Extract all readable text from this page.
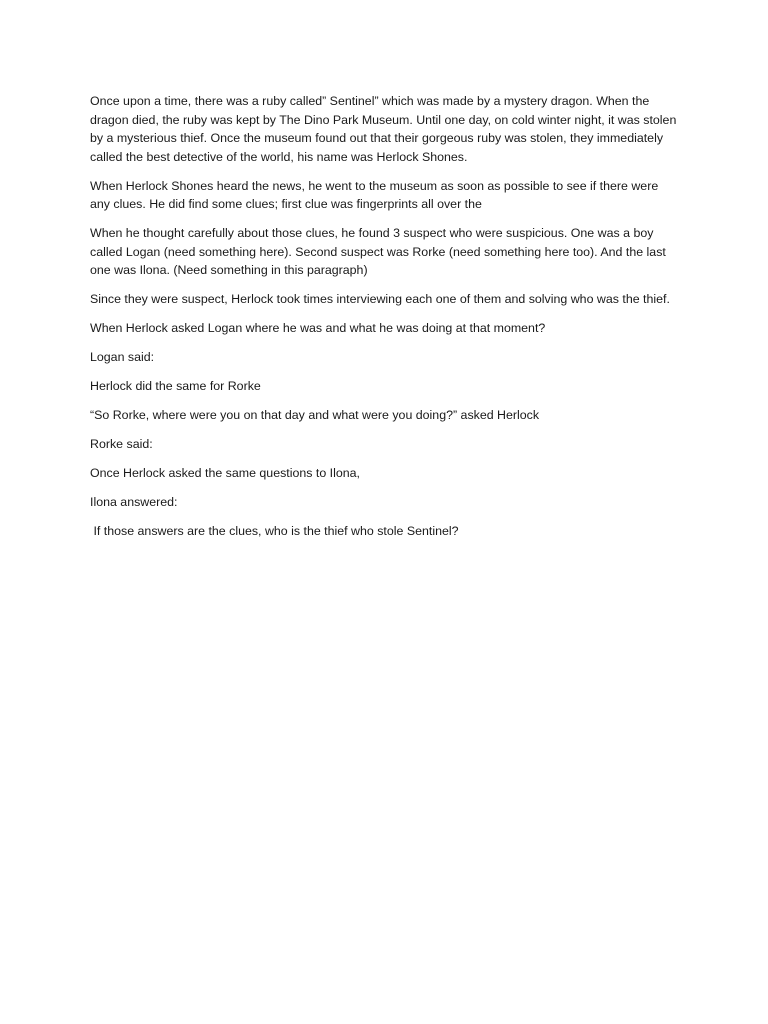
Once upon a time, there was a ruby called” Sentinel” which was made by a mystery dragon. When the dragon died, the ruby was kept by The Dino Park Museum. Until one day, on cold winter night, it was stolen by a mysterious thief. Once the museum found out that their gorgeous ruby was stolen, they immediately called the best detective of the world, his name was Herlock Shones.

When Herlock Shones heard the news, he went to the museum as soon as possible to see if there were any clues. He did find some clues; first clue was fingerprints all over the

When he thought carefully about those clues, he found 3 suspect who were suspicious. One was a boy called Logan (need something here). Second suspect was Rorke (need something here too). And the last one was Ilona. (Need something in this paragraph)

Since they were suspect, Herlock took times interviewing each one of them and solving who was the thief.

When Herlock asked Logan where he was and what he was doing at that moment?

Logan said:

Herlock did the same for Rorke

“So Rorke, where were you on that day and what were you doing?” asked Herlock

Rorke said:

Once Herlock asked the same questions to Ilona,

Ilona answered:

If those answers are the clues, who is the thief who stole Sentinel?
